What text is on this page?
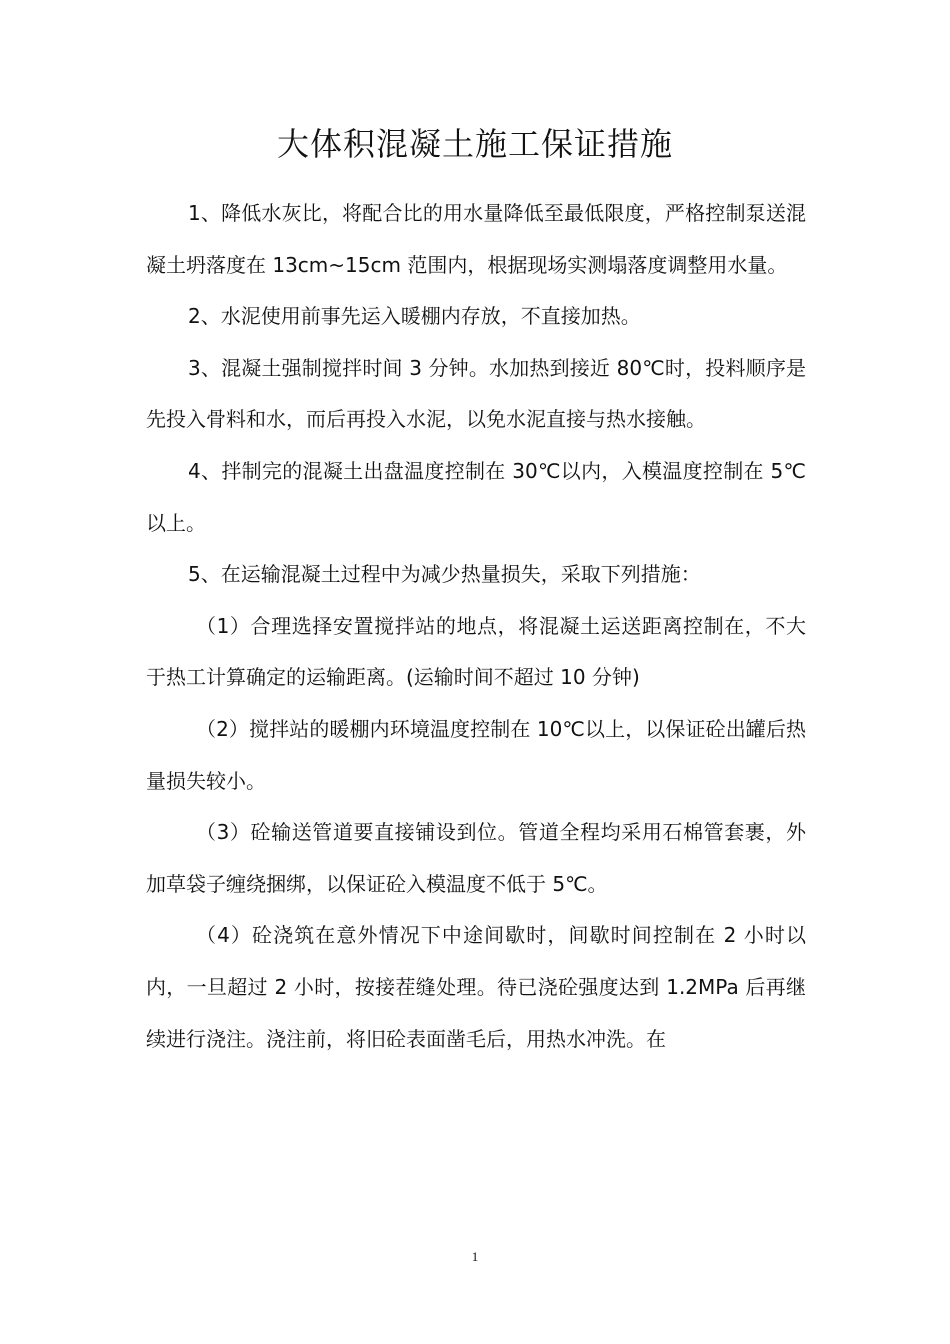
大体积混凝土施工保证措施

1、降低水灰比，将配合比的用水量降低至最低限度，严格控制泵送混凝土坍落度在 13cm~15cm 范围内，根据现场实测塌落度调整用水量。

2、水泥使用前事先运入暖棚内存放，不直接加热。

3、混凝土强制搅拌时间 3 分钟。水加热到接近 80℃时，投料顺序是先投入骨料和水，而后再投入水泥，以免水泥直接与热水接触。

4、拌制完的混凝土出盘温度控制在 30℃以内，入模温度控制在 5℃以上。

5、在运输混凝土过程中为减少热量损失，采取下列措施：

（1）合理选择安置搅拌站的地点，将混凝土运送距离控制在，不大于热工计算确定的运输距离。(运输时间不超过 10 分钟)

（2）搅拌站的暖棚内环境温度控制在 10℃以上，以保证砼出罐后热量损失较小。

（3）砼输送管道要直接铺设到位。管道全程均采用石棉管套裹，外加草袋子缠绕捆绑，以保证砼入模温度不低于 5℃。

（4）砼浇筑在意外情况下中途间歇时，间歇时间控制在 2 小时以内，一旦超过 2 小时，按接茬缝处理。待已浇砼强度达到 1.2MPa 后再继续进行浇注。浇注前，将旧砼表面凿毛后，用热水冲洗。在

1
